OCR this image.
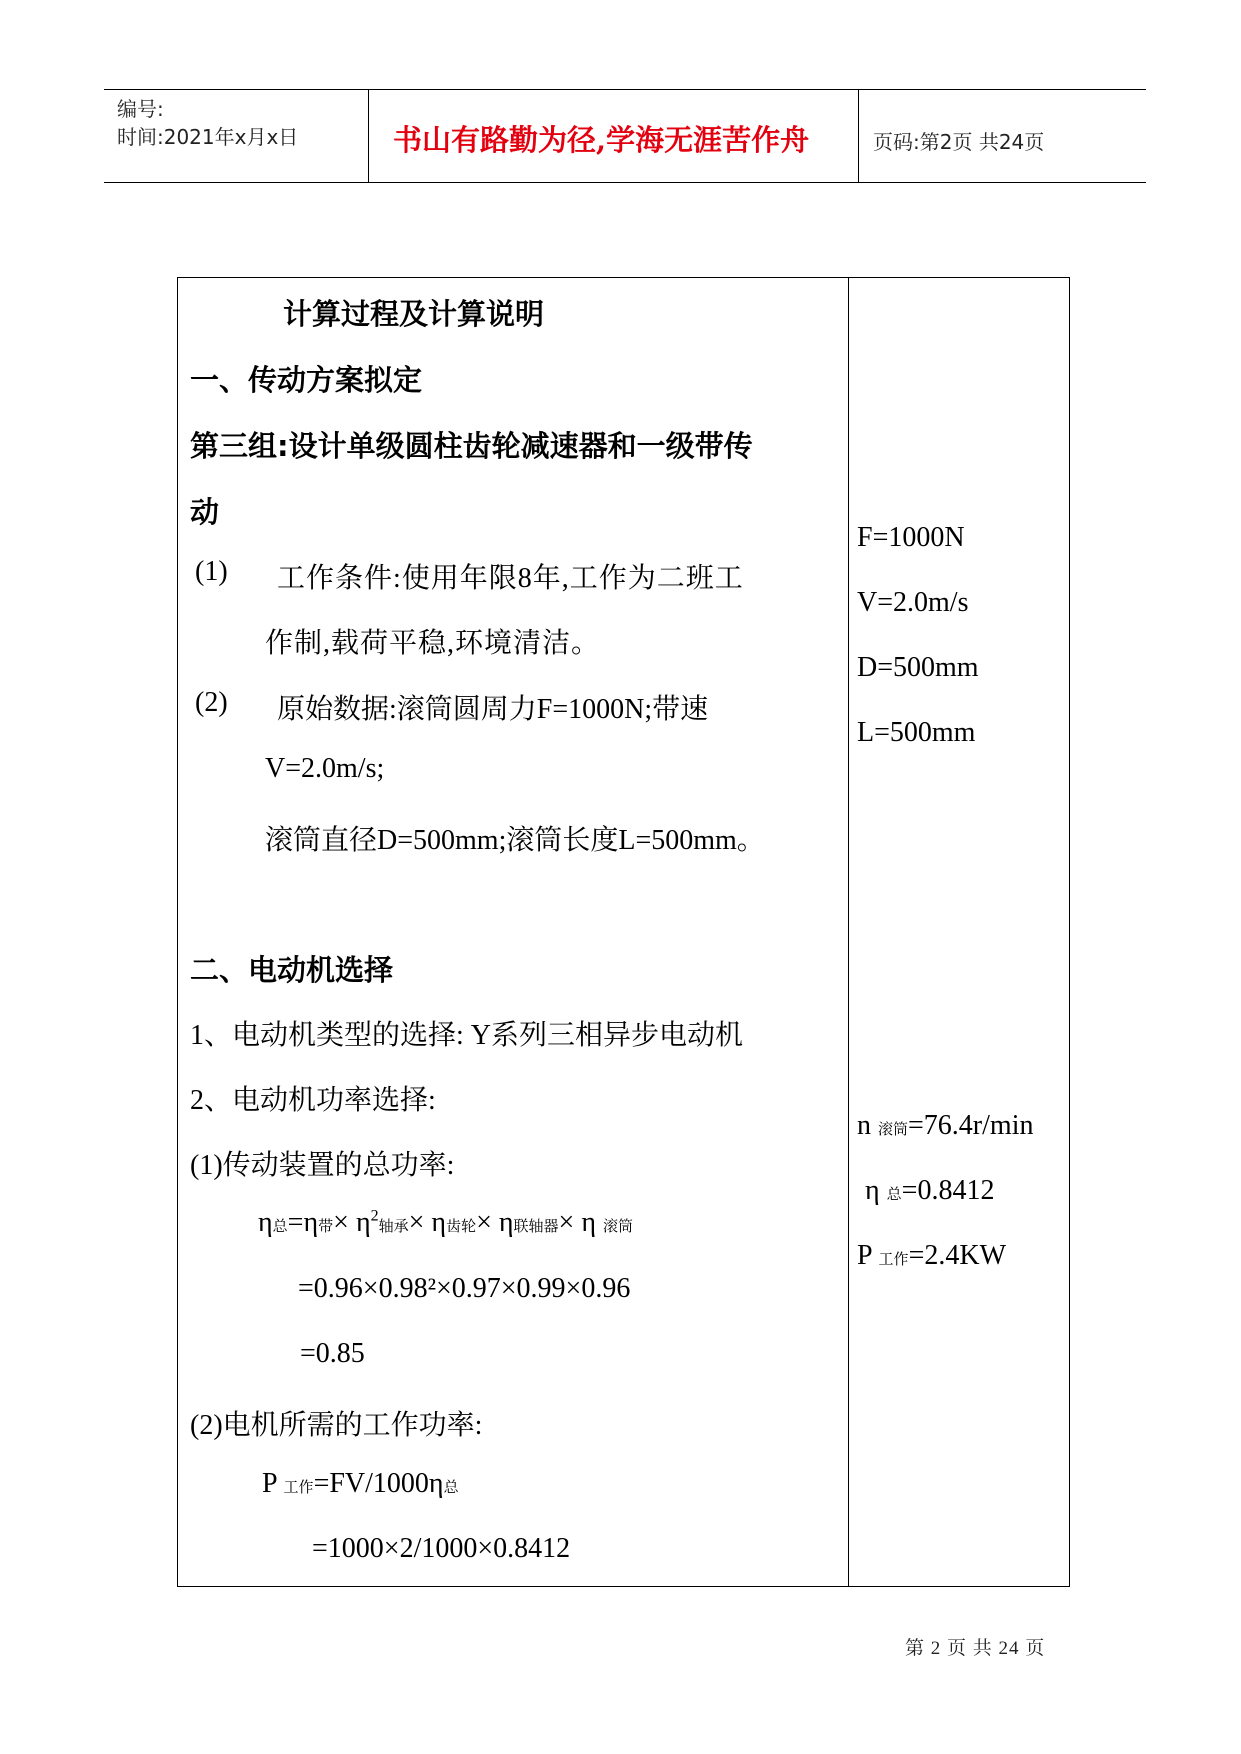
编号:
时间:2021年x月x日	书山有路勤为径,学海无涯苦作舟	页码:第2页 共24页
计算过程及计算说明
一、传动方案拟定
第三组:设计单级圆柱齿轮减速器和一级带传
动
(1) 工作条件:使用年限8年,工作为二班工
作制,载荷平稳,环境清洁。
(2) 原始数据:滚筒圆周力F=1000N;带速
V=2.0m/s;
滚筒直径D=500mm;滚筒长度L=500mm。
二、电动机选择
1、电动机类型的选择: Y系列三相异步电动机
2、电动机功率选择:
(1)传动装置的总功率:
η总=η带× $\eta^2$轴承× η齿轮× η联轴器× η 滚筒
=0.96×0.98²×0.97×0.99×0.96
=0.85
(2)电机所需的工作功率:
P 工作=FV/1000η总
=1000×2/1000×0.8412
F=1000N
V=2.0m/s
D=500mm
L=500mm
n 滚筒=76.4r/min
η 总=0.8412
P 工作=2.4KW
第 2 页 共 24 页
